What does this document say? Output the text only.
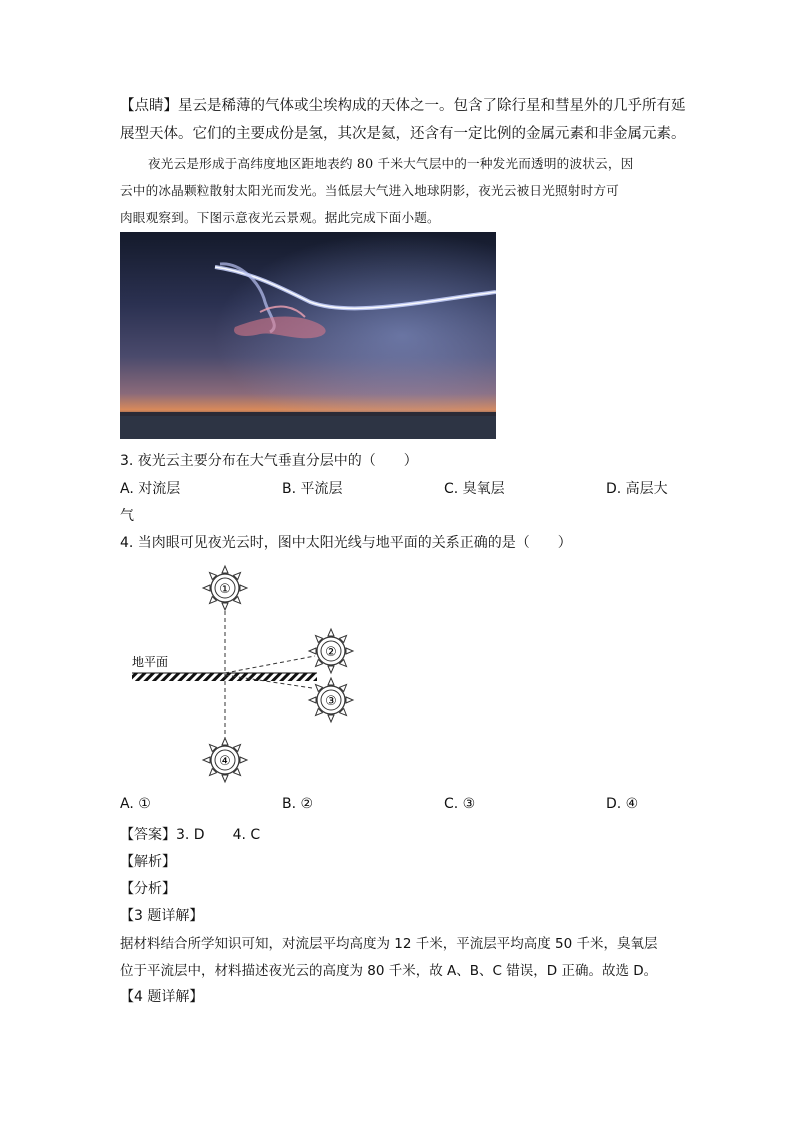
【点睛】星云是稀薄的气体或尘埃构成的天体之一。包含了除行星和彗星外的几乎所有延
展型天体。它们的主要成份是氢，其次是氦，还含有一定比例的金属元素和非金属元素。
夜光云是形成于高纬度地区距地表约 80 千米大气层中的一种发光而透明的波状云，因
云中的冰晶颗粒散射太阳光而发光。当低层大气进入地球阴影，夜光云被日光照射时方可
肉眼观察到。下图示意夜光云景观。据此完成下面小题。
3. 夜光云主要分布在大气垂直分层中的（　　）
A. 对流层	B. 平流层	C. 臭氧层	D. 高层大
气
4. 当肉眼可见夜光云时，图中太阳光线与地平面的关系正确的是（　　）
①
②
③
④
地平面
A. ①	B. ②	C. ③	D. ④
【答案】3. D　　4. C
【解析】
【分析】
【3 题详解】
据材料结合所学知识可知，对流层平均高度为 12 千米，平流层平均高度 50 千米，臭氧层
位于平流层中，材料描述夜光云的高度为 80 千米，故 A、B、C 错误，D 正确。故选 D。
【4 题详解】
